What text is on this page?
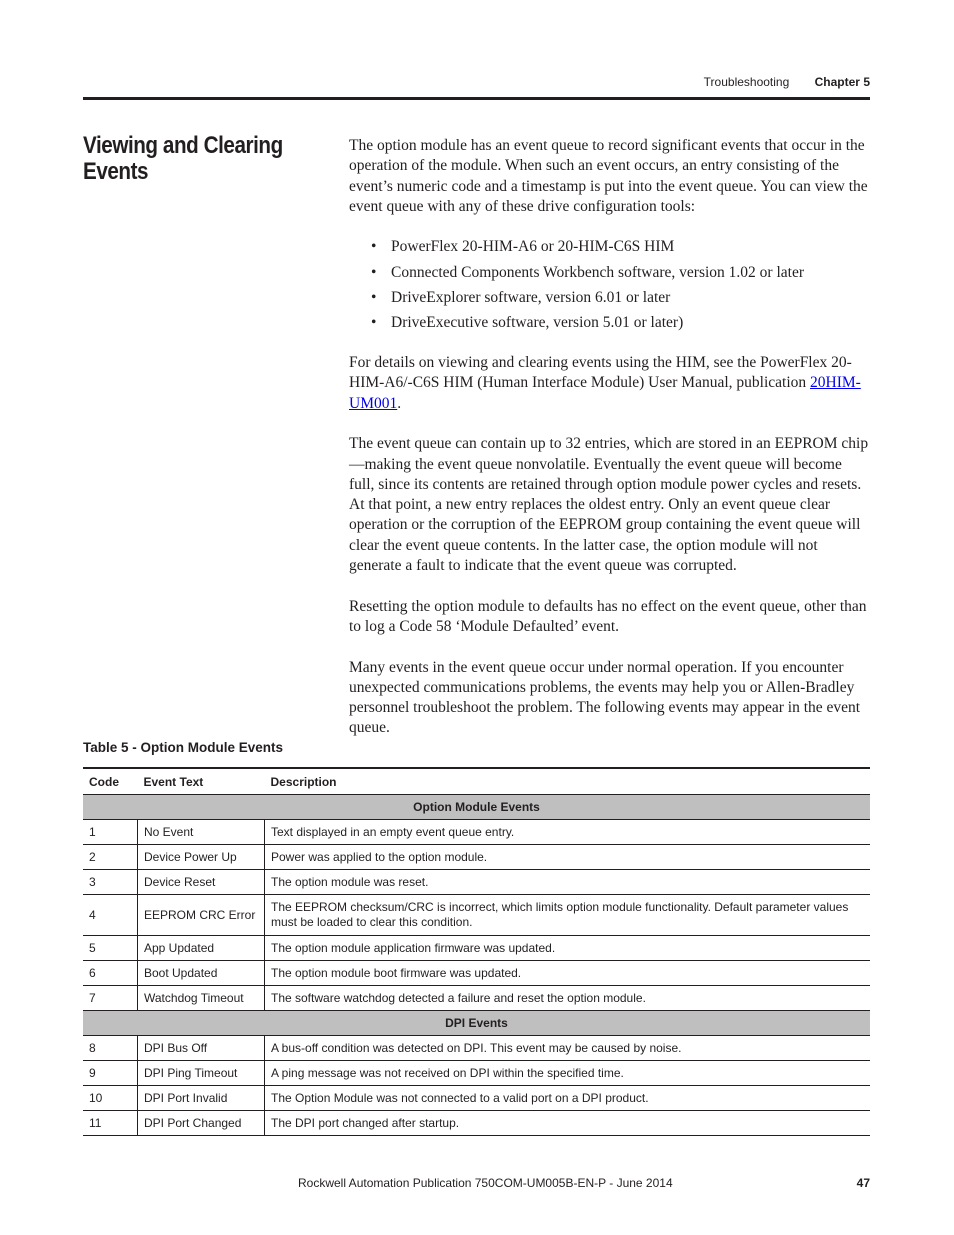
Troubleshooting Chapter 5
Viewing and Clearing Events

The option module has an event queue to record significant events that occur in the operation of the module. When such an event occurs, an entry consisting of the event’s numeric code and a timestamp is put into the event queue. You can view the event queue with any of these drive configuration tools:

• PowerFlex 20-HIM-A6 or 20-HIM-C6S HIM
• Connected Components Workbench software, version 1.02 or later
• DriveExplorer software, version 6.01 or later
• DriveExecutive software, version 5.01 or later)

For details on viewing and clearing events using the HIM, see the PowerFlex 20-HIM-A6/-C6S HIM (Human Interface Module) User Manual, publication 20HIM-UM001.

The event queue can contain up to 32 entries, which are stored in an EEPROM chip—making the event queue nonvolatile. Eventually the event queue will become full, since its contents are retained through option module power cycles and resets. At that point, a new entry replaces the oldest entry. Only an event queue clear operation or the corruption of the EEPROM group containing the event queue will clear the event queue contents. In the latter case, the option module will not generate a fault to indicate that the event queue was corrupted.

Resetting the option module to defaults has no effect on the event queue, other than to log a Code 58 ‘Module Defaulted’ event.

Many events in the event queue occur under normal operation. If you encounter unexpected communications problems, the events may help you or Allen-Bradley personnel troubleshoot the problem. The following events may appear in the event queue.

Table 5 - Option Module Events

Code	Event Text	Description
Option Module Events		
1	No Event	Text displayed in an empty event queue entry.
2	Device Power Up	Power was applied to the option module.
3	Device Reset	The option module was reset.
4	EEPROM CRC Error	The EEPROM checksum/CRC is incorrect, which limits option module functionality. Default parameter values must be loaded to clear this condition.
5	App Updated	The option module application firmware was updated.
6	Boot Updated	The option module boot firmware was updated.
7	Watchdog Timeout	The software watchdog detected a failure and reset the option module.
DPI Events		
8	DPI Bus Off	A bus-off condition was detected on DPI. This event may be caused by noise.
9	DPI Ping Timeout	A ping message was not received on DPI within the specified time.
10	DPI Port Invalid	The Option Module was not connected to a valid port on a DPI product.
11	DPI Port Changed	The DPI port changed after startup.
Rockwell Automation Publication 750COM-UM005B-EN-P - June 2014	47
